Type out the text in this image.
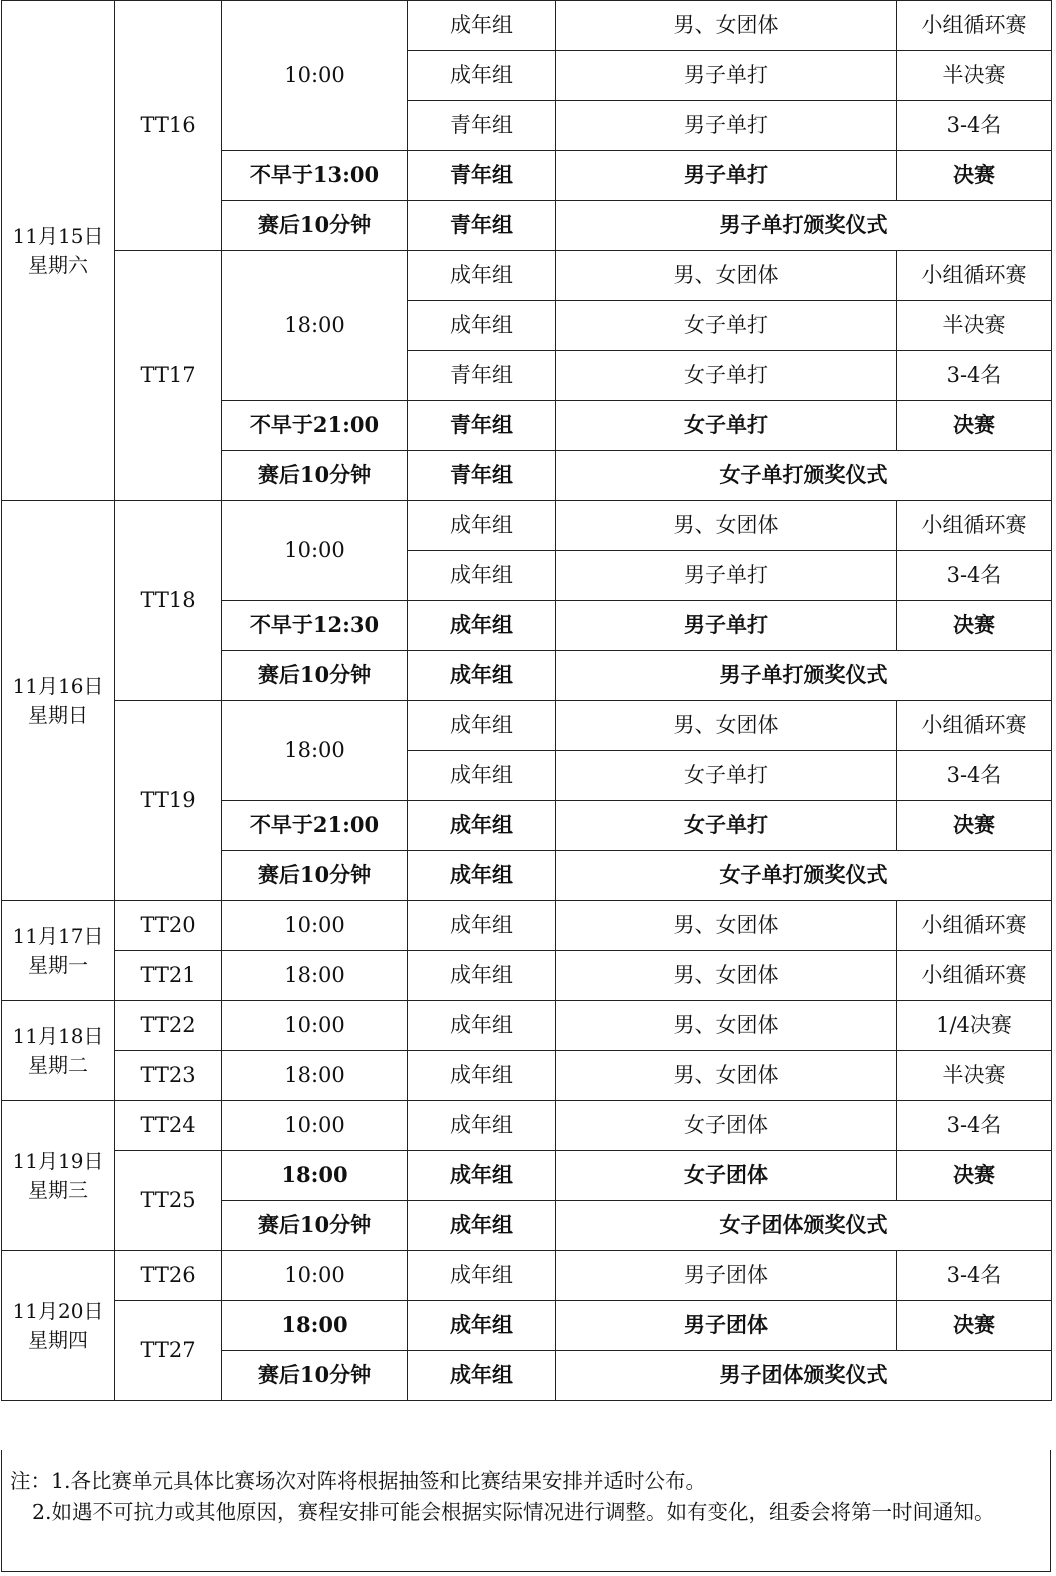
11月15日
星期六	TT16	10:00	成年组	男、女团体	小组循环赛
			成年组	男子单打	半决赛
			青年组	男子单打	3-4名
		不早于13:00	青年组	男子单打	决赛
		赛后10分钟	青年组	男子单打颁奖仪式	
	TT17	18:00	成年组	男、女团体	小组循环赛
			成年组	女子单打	半决赛
			青年组	女子单打	3-4名
		不早于21:00	青年组	女子单打	决赛
		赛后10分钟	青年组	女子单打颁奖仪式	

11月16日
星期日	TT18	10:00	成年组	男、女团体	小组循环赛
			成年组	男子单打	3-4名
		不早于12:30	成年组	男子单打	决赛
		赛后10分钟	成年组	男子单打颁奖仪式	
	TT19	18:00	成年组	男、女团体	小组循环赛
			成年组	女子单打	3-4名
		不早于21:00	成年组	女子单打	决赛
		赛后10分钟	成年组	女子单打颁奖仪式	

11月17日
星期一	TT20	10:00	成年组	男、女团体	小组循环赛
	TT21	18:00	成年组	男、女团体	小组循环赛

11月18日
星期二	TT22	10:00	成年组	男、女团体	1/4决赛
	TT23	18:00	成年组	男、女团体	半决赛

11月19日
星期三	TT24	10:00	成年组	女子团体	3-4名
	TT25	18:00	成年组	女子团体	决赛
		赛后10分钟	成年组	女子团体颁奖仪式	

11月20日
星期四	TT26	10:00	成年组	男子团体	3-4名
	TT27	18:00	成年组	男子团体	决赛
		赛后10分钟	成年组	男子团体颁奖仪式	
注：1.各比赛单元具体比赛场次对阵将根据抽签和比赛结果安排并适时公布。
2.如遇不可抗力或其他原因，赛程安排可能会根据实际情况进行调整。如有变化，组委会将第一时间通知。
